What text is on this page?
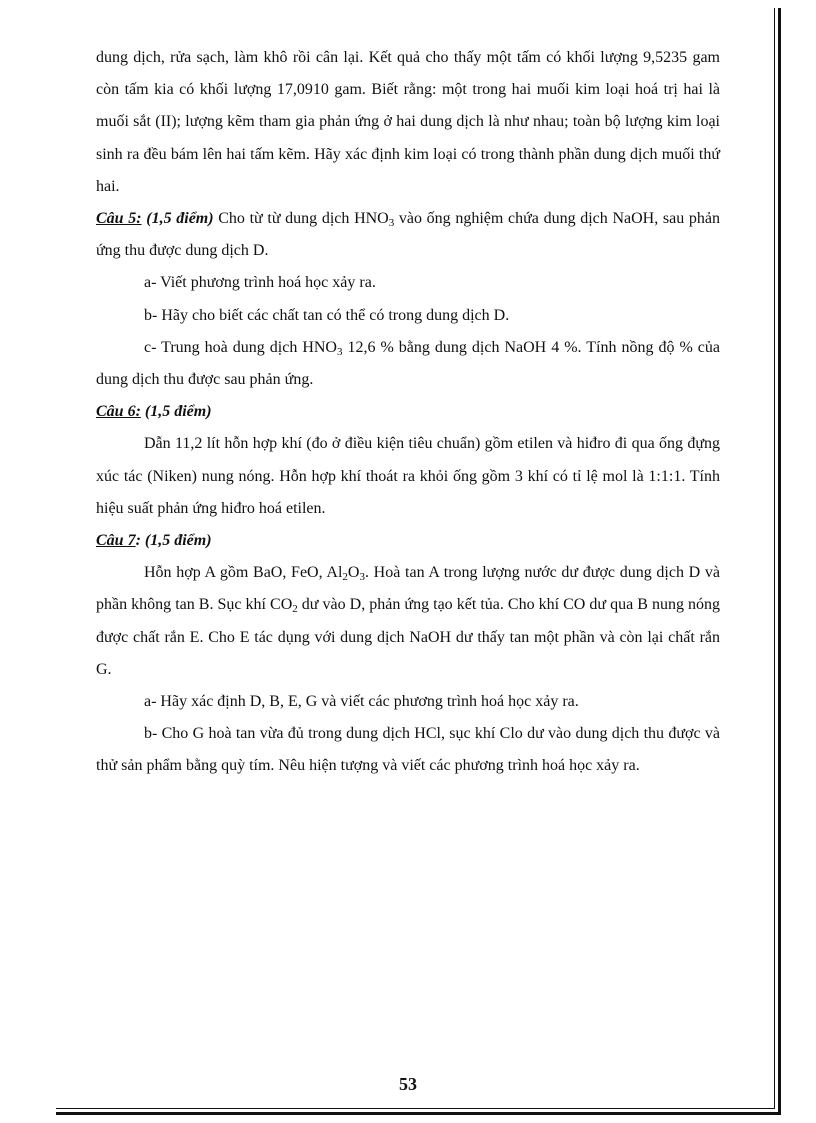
dung dịch, rửa sạch, làm khô rồi cân lại. Kết quả cho thấy một tấm có khối lượng 9,5235 gam còn tấm kia có khối lượng 17,0910 gam. Biết rằng: một trong hai muối kim loại hoá trị hai là muối sắt (II); lượng kẽm tham gia phản ứng ở hai dung dịch là như nhau; toàn bộ lượng kim loại sinh ra đều bám lên hai tấm kẽm. Hãy xác định kim loại có trong thành phần dung dịch muối thứ hai.

Câu 5: (1,5 điểm) Cho từ từ dung dịch $HNO_3$ vào ống nghiệm chứa dung dịch NaOH, sau phản ứng thu được dung dịch D.

a- Viết phương trình hoá học xảy ra.

b- Hãy cho biết các chất tan có thể có trong dung dịch D.

c- Trung hoà dung dịch $HNO_3$ 12,6 % bằng dung dịch NaOH 4 %. Tính nồng độ % của dung dịch thu được sau phản ứng.

Câu 6: (1,5 điểm)

Dẫn 11,2 lít hỗn hợp khí (đo ở điều kiện tiêu chuẩn) gồm etilen và hiđro đi qua ống đựng xúc tác (Niken) nung nóng. Hỗn hợp khí thoát ra khỏi ống gồm 3 khí có tỉ lệ mol là 1:1:1. Tính hiệu suất phản ứng hiđro hoá etilen.

Câu 7: (1,5 điểm)

Hỗn hợp A gồm BaO, FeO, $Al_2O_3$. Hoà tan A trong lượng nước dư được dung dịch D và phần không tan B. Sục khí $CO_2$ dư vào D, phản ứng tạo kết tủa. Cho khí CO dư qua B nung nóng được chất rắn E. Cho E tác dụng với dung dịch NaOH dư thấy tan một phần và còn lại chất rắn G.

a- Hãy xác định D, B, E, G và viết các phương trình hoá học xảy ra.

b- Cho G hoà tan vừa đủ trong dung dịch HCl, sục khí Clo dư vào dung dịch thu được và thử sản phẩm bằng quỳ tím. Nêu hiện tượng và viết các phương trình hoá học xảy ra.

53
